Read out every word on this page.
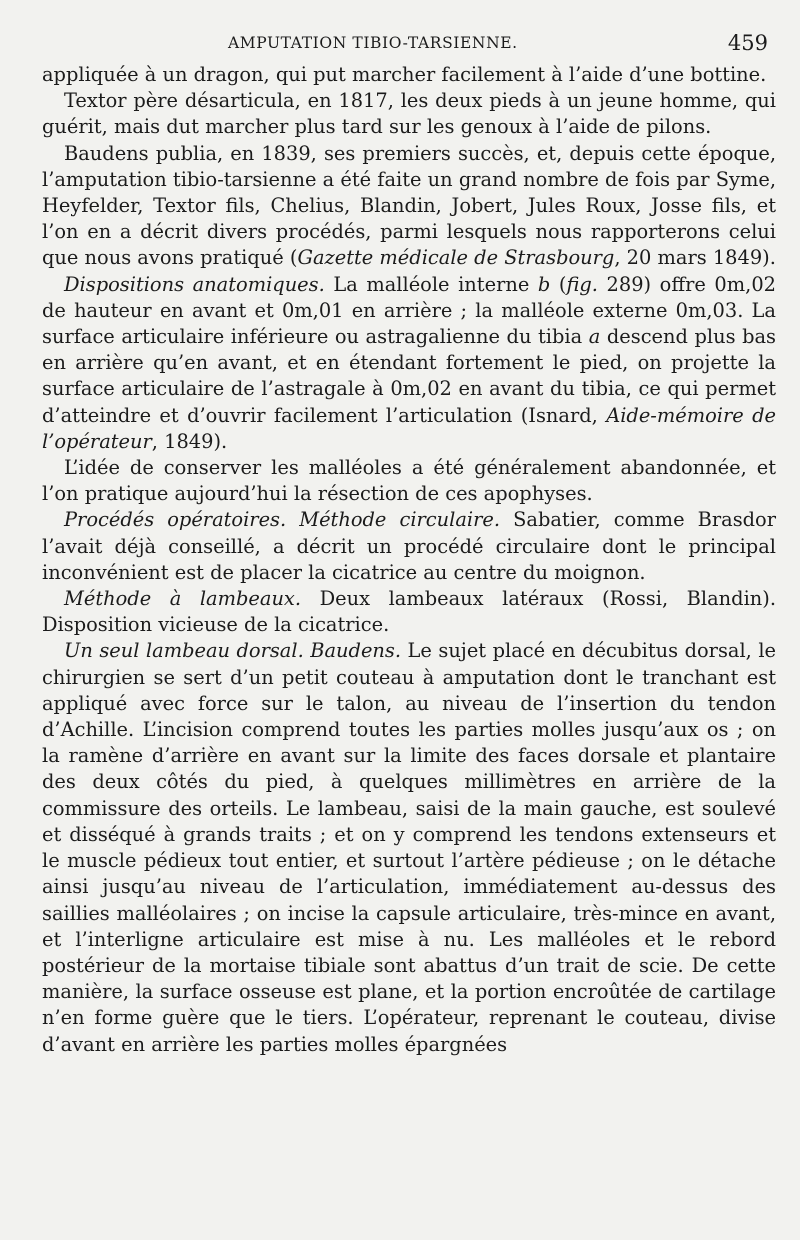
AMPUTATION TIBIO-TARSIENNE.	459

appliquée à un dragon, qui put marcher facilement à l’aide d’une bottine.

Textor père désarticula, en 1817, les deux pieds à un jeune homme, qui guérit, mais dut marcher plus tard sur les genoux à l’aide de pilons.

Baudens publia, en 1839, ses premiers succès, et, depuis cette époque, l’amputation tibio-tarsienne a été faite un grand nombre de fois par Syme, Heyfelder, Textor fils, Chelius, Blandin, Jobert, Jules Roux, Josse fils, et l’on en a décrit divers procédés, parmi lesquels nous rapporterons celui que nous avons pratiqué (Gazette médicale de Strasbourg, 20 mars 1849).

Dispositions anatomiques. La malléole interne b (fig. 289) offre 0m,02 de hauteur en avant et 0m,01 en arrière ; la malléole externe 0m,03. La surface articulaire inférieure ou astragalienne du tibia a descend plus bas en arrière qu’en avant, et en étendant fortement le pied, on projette la surface articulaire de l’astragale à 0m,02 en avant du tibia, ce qui permet d’atteindre et d’ouvrir facilement l’articulation (Isnard, Aide-mémoire de l’opérateur, 1849).

L’idée de conserver les malléoles a été généralement abandonnée, et l’on pratique aujourd’hui la résection de ces apophyses.

Procédés opératoires. Méthode circulaire. Sabatier, comme Brasdor l’avait déjà conseillé, a décrit un procédé circulaire dont le principal inconvénient est de placer la cicatrice au centre du moignon.

Méthode à lambeaux. Deux lambeaux latéraux (Rossi, Blandin). Disposition vicieuse de la cicatrice.

Un seul lambeau dorsal. Baudens. Le sujet placé en décubitus dorsal, le chirurgien se sert d’un petit couteau à amputation dont le tranchant est appliqué avec force sur le talon, au niveau de l’insertion du tendon d’Achille. L’incision comprend toutes les parties molles jusqu’aux os ; on la ramène d’arrière en avant sur la limite des faces dorsale et plantaire des deux côtés du pied, à quelques millimètres en arrière de la commissure des orteils. Le lambeau, saisi de la main gauche, est soulevé et disséqué à grands traits ; et on y comprend les tendons extenseurs et le muscle pédieux tout entier, et surtout l’artère pédieuse ; on le détache ainsi jusqu’au niveau de l’articulation, immédiatement au-dessus des saillies malléolaires ; on incise la capsule articulaire, très-mince en avant, et l’interligne articulaire est mise à nu. Les malléoles et le rebord postérieur de la mortaise tibiale sont abattus d’un trait de scie. De cette manière, la surface osseuse est plane, et la portion encroûtée de cartilage n’en forme guère que le tiers. L’opérateur, reprenant le couteau, divise d’avant en arrière les parties molles épargnées
